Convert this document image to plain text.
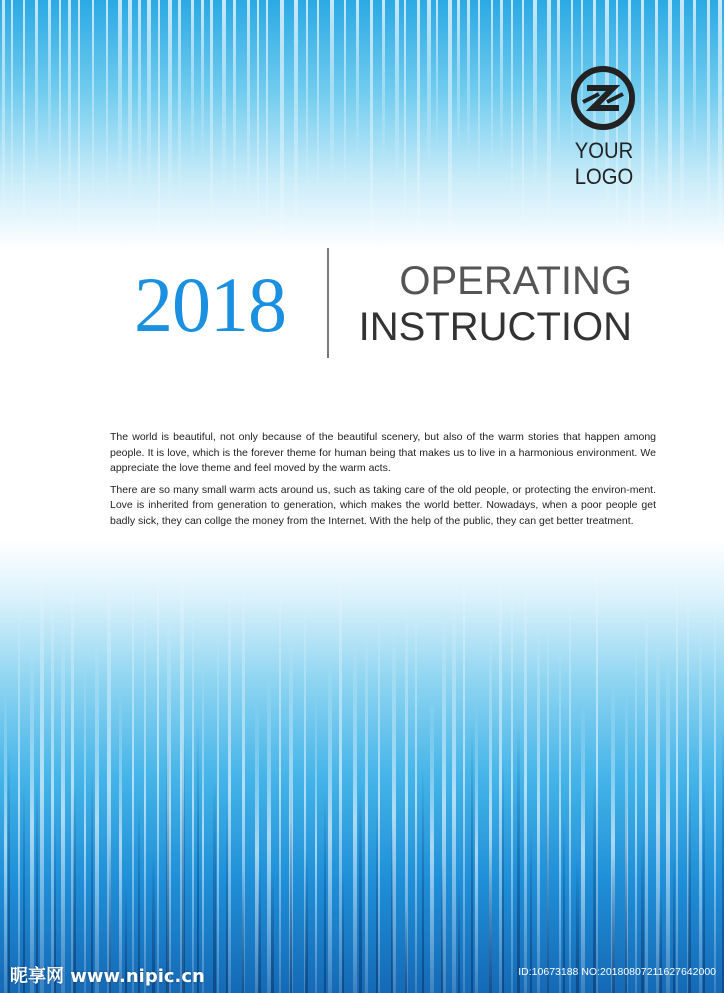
YOUR LOGO
2018	OPERATING
INSTRUCTION

The world is beautiful, not only because of the beautiful scenery, but also of the warm stories that happen among people. It is love, which is the forever theme for human being that makes us to live in a harmonious environment. We appreciate the love theme and feel moved by the warm acts.

There are so many small warm acts around us, such as taking care of the old people, or protecting the environ-ment. Love is inherited from generation to generation, which makes the world better. Nowadays, when a poor people get badly sick, they can collge the money from the Internet. With the help of the public, they can get better treatment.

昵享网 www.nipic.cn	ID:10673188 NO:20180807211627642000
